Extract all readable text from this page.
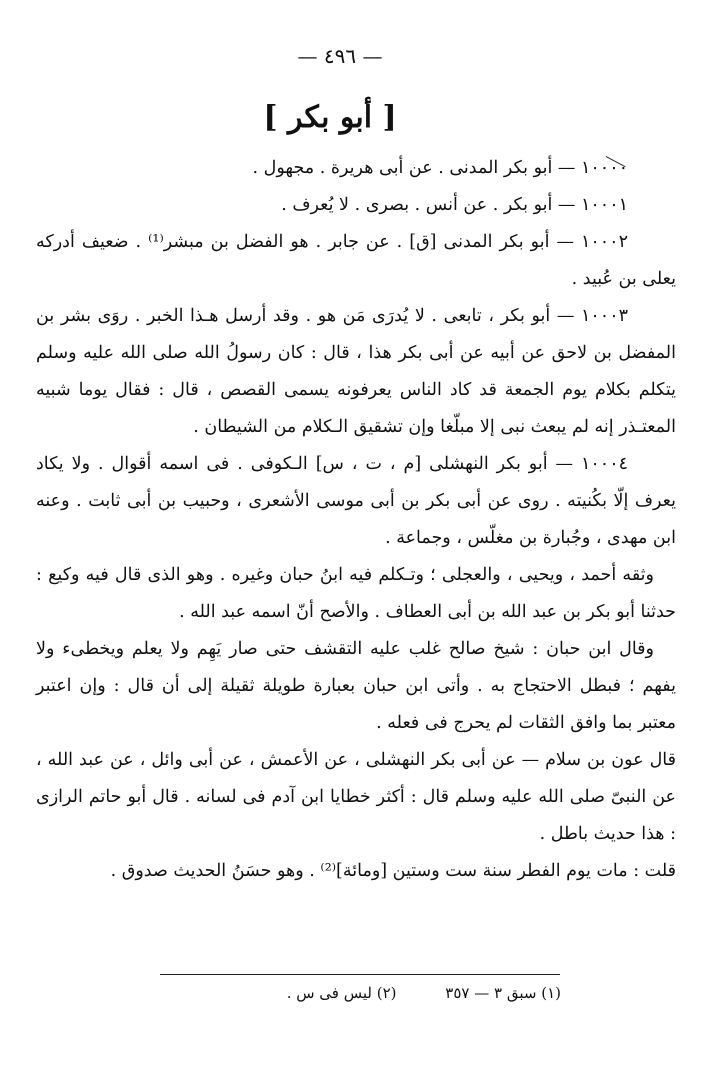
— ٤٩٦ —
[ أبو بكر ]

١٠٠٠٠ — أبو بكر المدنى . عن أبى هريرة . مجهول .

١٠٠٠١ — أبو بكر . عن أنس . بصرى . لا يُعرف .

١٠٠٠٢ — أبو بكر المدنى [ق] . عن جابر . هو الفضل بن مبشر⁽¹⁾ . ضعيف أدركه يعلى بن عُبيد .

١٠٠٠٣ — أبو بكر ، تابعى . لا يُدرَى مَن هو . وقد أرسل هـذا الخبر . روَى بشر بن المفضل بن لاحق عن أبيه عن أبى بكر هذا ، قال : كان رسولُ الله صلى الله عليه وسلم يتكلم بكلام يوم الجمعة قد كاد الناس يعرفونه يسمى القصص ، قال : فقال يوما شبيه المعتـذر إنه لم يبعث نبى إلا مبلّغا وإن تشقيق الـكلام من الشيطان .

١٠٠٠٤ — أبو بكر النهشلى [م ، ت ، س] الـكوفى . فى اسمه أقوال . ولا يكاد يعرف إلّا بكُنيته . روى عن أبى بكر بن أبى موسى الأشعرى ، وحبيب بن أبى ثابت . وعنه ابن مهدى ، وجُبارة بن مغلّس ، وجماعة .

وثقه أحمد ، ويحيى ، والعجلى ؛ وتـكلم فيه ابنُ حبان وغيره . وهو الذى قال فيه وكيع : حدثنا أبو بكر بن عبد الله بن أبى العطاف . والأصح أنّ اسمه عبد الله .

وقال ابن حبان : شيخ صالح غلب عليه التقشف حتى صار يَهِم ولا يعلم ويخطىء ولا يفهم ؛ فبطل الاحتجاج به . وأتى ابن حبان بعبارة طويلة ثقيلة إلى أن قال : وإن اعتبر معتبر بما وافق الثقات لم يحرج فى فعله .

قال عون بن سلام — عن أبى بكر النهشلى ، عن الأعمش ، عن أبى وائل ، عن عبد الله ، عن النبىّ صلى الله عليه وسلم قال : أكثر خطايا ابن آدم فى لسانه . قال أبو حاتم الرازى : هذا حديث باطل .

قلت : مات يوم الفطر سنة ست وستين [ومائة]⁽²⁾ . وهو حسَنُ الحديث صدوق .

(١) سبق ٣ — ٣٥٧ (٢) ليس فى س .
